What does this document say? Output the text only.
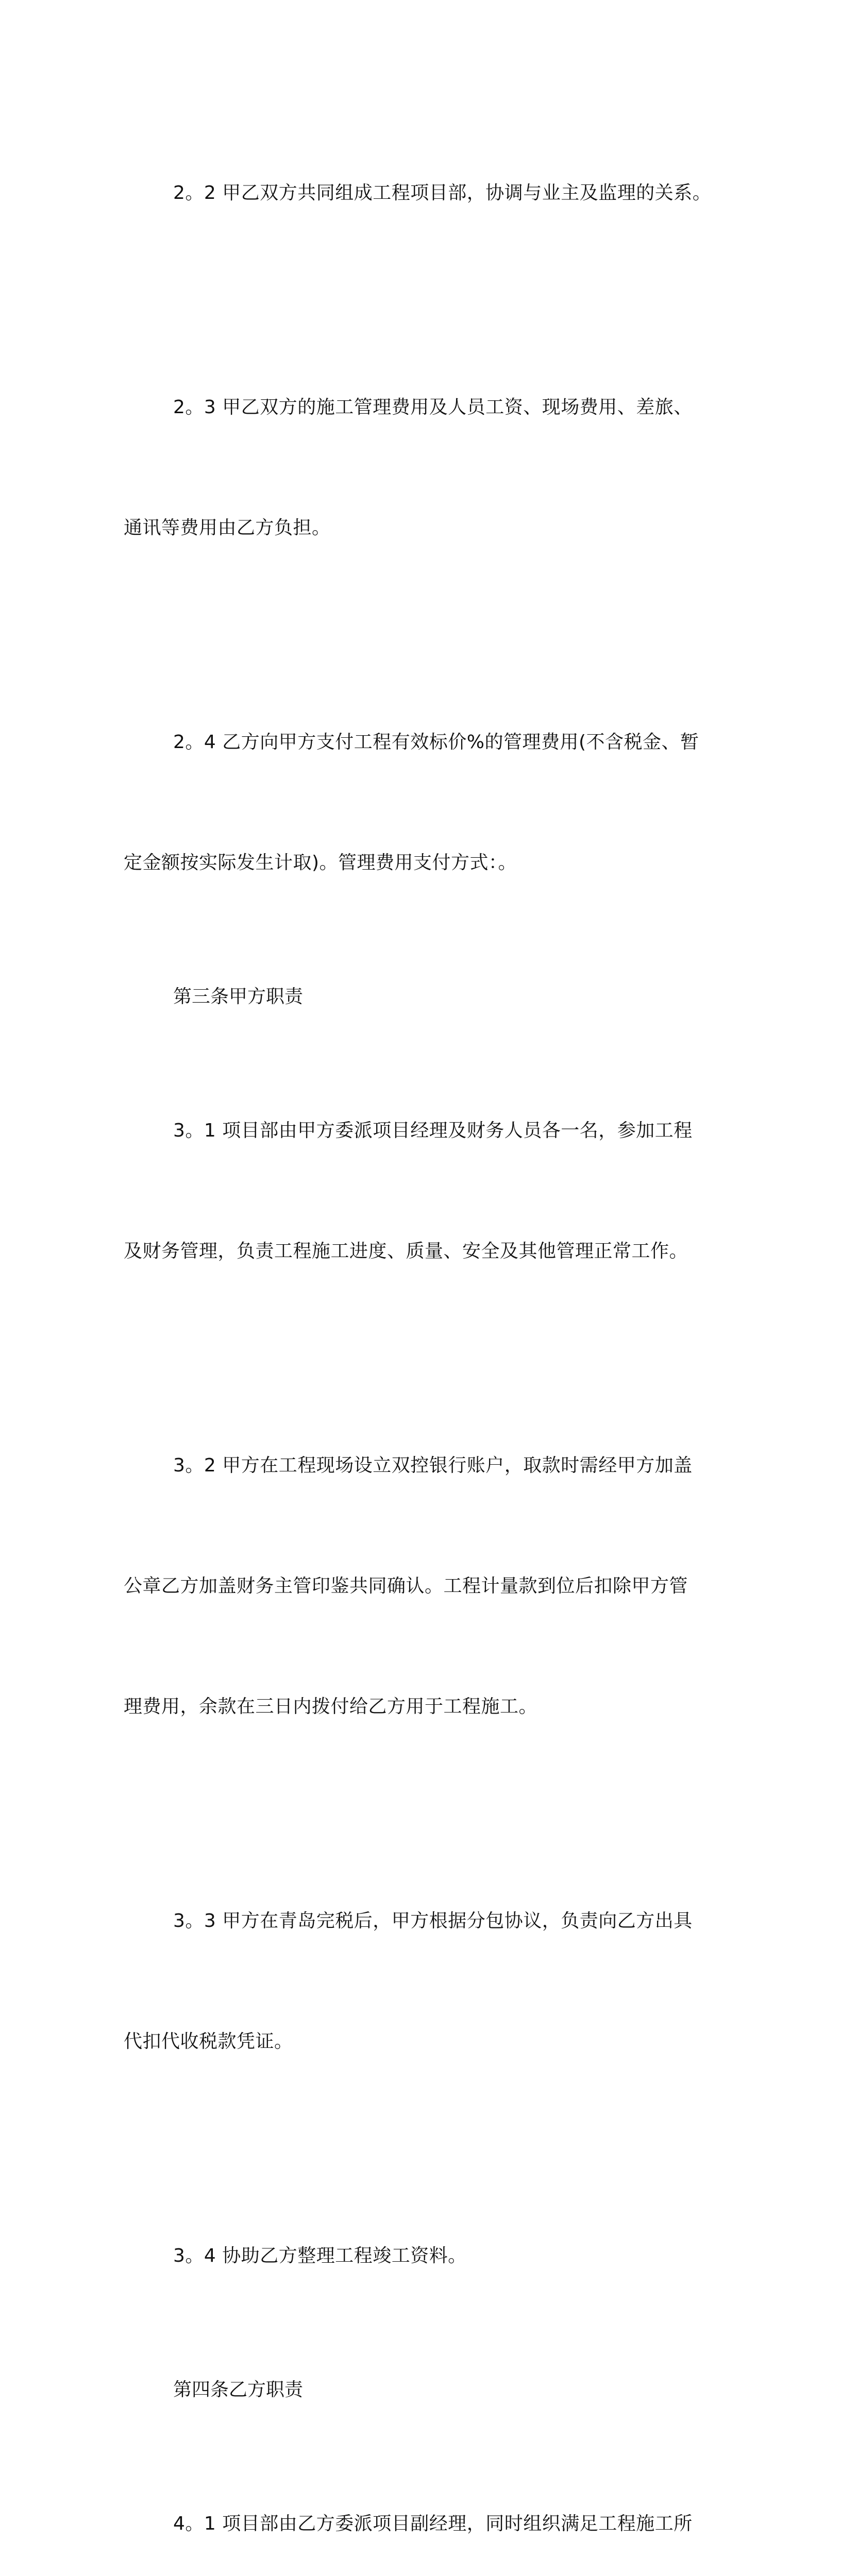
2。2 甲乙双方共同组成工程项目部，协调与业主及监理的关系。

2。3 甲乙双方的施工管理费用及人员工资、现场费用、差旅、

通讯等费用由乙方负担。

2。4 乙方向甲方支付工程有效标价%的管理费用(不含税金、暂

定金额按实际发生计取)。管理费用支付方式：。

第三条甲方职责

3。1 项目部由甲方委派项目经理及财务人员各一名，参加工程

及财务管理，负责工程施工进度、质量、安全及其他管理正常工作。

3。2 甲方在工程现场设立双控银行账户，取款时需经甲方加盖

公章乙方加盖财务主管印鉴共同确认。工程计量款到位后扣除甲方管

理费用，余款在三日内拨付给乙方用于工程施工。

3。3 甲方在青岛完税后，甲方根据分包协议，负责向乙方出具

代扣代收税款凭证。

3。4 协助乙方整理工程竣工资料。

第四条乙方职责

4。1 项目部由乙方委派项目副经理，同时组织满足工程施工所
